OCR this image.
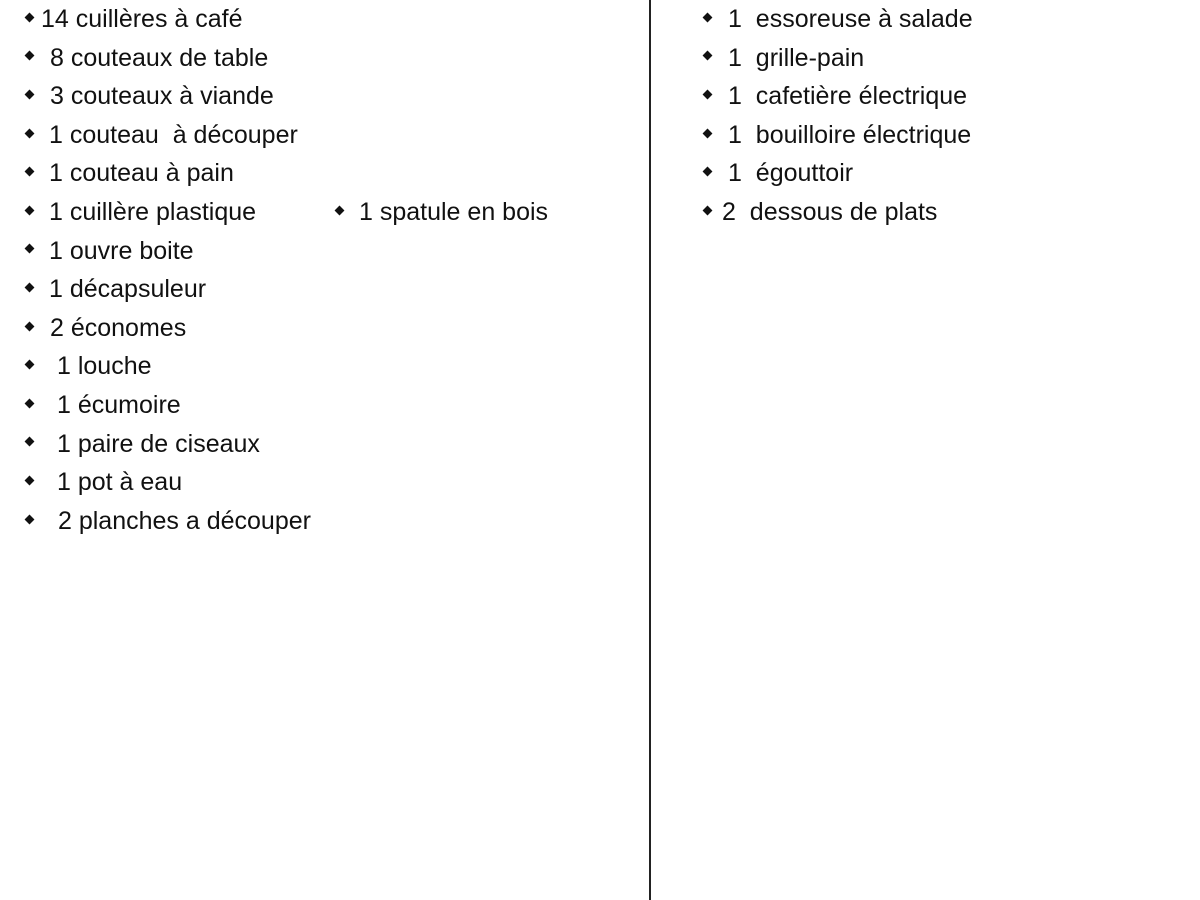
14 cuillères à café
8 couteaux de table
3 couteaux à viande
1 couteau  à découper
1 couteau à pain
1 cuillère plastique	1 spatule en bois
1 ouvre boite
1 décapsuleur
2 économes
1 louche
1 écumoire
1 paire de ciseaux
1 pot à eau
2 planches a découper
1  essoreuse à salade
1  grille-pain
1  cafetière électrique
1  bouilloire électrique
1  égouttoir
2  dessous de plats
